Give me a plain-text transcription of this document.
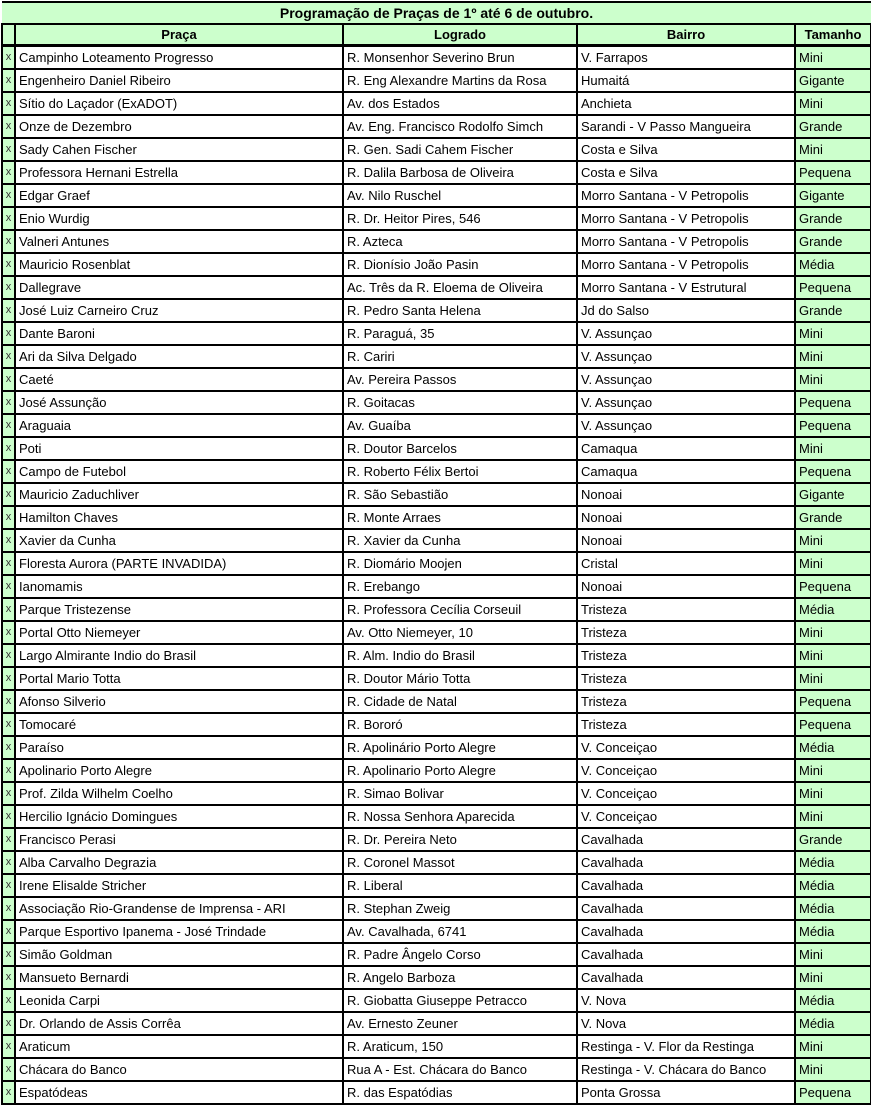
Programação de Praças de 1º até 6 de outubro.				
	Praça	Logrado	Bairro	Tamanho
x	Campinho Loteamento Progresso	R. Monsenhor Severino Brun	V. Farrapos	Mini
x	Engenheiro Daniel Ribeiro	R. Eng Alexandre Martins da Rosa	Humaitá	Gigante
x	Sítio do Laçador (ExADOT)	Av. dos Estados	Anchieta	Mini
x	Onze de Dezembro	Av. Eng. Francisco Rodolfo Simch	Sarandi - V Passo Mangueira	Grande
x	Sady Cahen Fischer	R. Gen. Sadi Cahem Fischer	Costa e Silva	Mini
x	Professora Hernani Estrella	R. Dalila Barbosa de Oliveira	Costa e Silva	Pequena
x	Edgar Graef	Av. Nilo Ruschel	Morro Santana - V Petropolis	Gigante
x	Enio Wurdig	R. Dr. Heitor Pires, 546	Morro Santana - V Petropolis	Grande
x	Valneri Antunes	R. Azteca	Morro Santana - V Petropolis	Grande
x	Mauricio Rosenblat	R. Dionísio João Pasin	Morro Santana - V Petropolis	Média
x	Dallegrave	Ac. Três da R. Eloema de Oliveira	Morro Santana - V Estrutural	Pequena
x	José Luiz Carneiro Cruz	R. Pedro Santa Helena	Jd do Salso	Grande
x	Dante Baroni	R. Paraguá, 35	V. Assunçao	Mini
x	Ari da Silva Delgado	R. Cariri	V. Assunçao	Mini
x	Caeté	Av. Pereira Passos	V. Assunçao	Mini
x	José Assunção	R. Goitacas	V. Assunçao	Pequena
x	Araguaia	Av. Guaíba	V. Assunçao	Pequena
x	Poti	R. Doutor Barcelos	Camaqua	Mini
x	Campo de Futebol	R. Roberto Félix Bertoi	Camaqua	Pequena
x	Mauricio Zaduchliver	R. São Sebastião	Nonoai	Gigante
x	Hamilton Chaves	R. Monte Arraes	Nonoai	Grande
x	Xavier da Cunha	R. Xavier da Cunha	Nonoai	Mini
x	Floresta Aurora (PARTE INVADIDA)	R. Diomário Moojen	Cristal	Mini
x	Ianomamis	R. Erebango	Nonoai	Pequena
x	Parque Tristezense	R. Professora Cecília Corseuil	Tristeza	Média
x	Portal Otto Niemeyer	Av. Otto Niemeyer, 10	Tristeza	Mini
x	Largo Almirante Indio do Brasil	R. Alm. Indio do Brasil	Tristeza	Mini
x	Portal Mario Totta	R. Doutor Mário Totta	Tristeza	Mini
x	Afonso Silverio	R. Cidade de Natal	Tristeza	Pequena
x	Tomocaré	R. Bororó	Tristeza	Pequena
x	Paraíso	R. Apolinário Porto Alegre	V. Conceiçao	Média
x	Apolinario Porto Alegre	R. Apolinario Porto Alegre	V. Conceiçao	Mini
x	Prof. Zilda Wilhelm Coelho	R. Simao Bolivar	V. Conceiçao	Mini
x	Hercilio Ignácio Domingues	R. Nossa Senhora Aparecida	V. Conceiçao	Mini
x	Francisco Perasi	R. Dr. Pereira Neto	Cavalhada	Grande
x	Alba Carvalho Degrazia	R. Coronel Massot	Cavalhada	Média
x	Irene Elisalde Stricher	R. Liberal	Cavalhada	Média
x	Associação Rio-Grandense de Imprensa - ARI	R. Stephan Zweig	Cavalhada	Média
x	Parque Esportivo Ipanema - José Trindade	Av. Cavalhada, 6741	Cavalhada	Média
x	Simão Goldman	R. Padre Ângelo Corso	Cavalhada	Mini
x	Mansueto Bernardi	R. Angelo Barboza	Cavalhada	Mini
x	Leonida Carpi	R. Giobatta Giuseppe Petracco	V. Nova	Média
x	Dr. Orlando de Assis Corrêa	Av. Ernesto Zeuner	V. Nova	Média
x	Araticum	R. Araticum, 150	Restinga - V. Flor da Restinga	Mini
x	Chácara do Banco	Rua A - Est. Chácara do Banco	Restinga - V. Chácara do Banco	Mini
x	Espatódeas	R. das Espatódias	Ponta Grossa	Pequena
